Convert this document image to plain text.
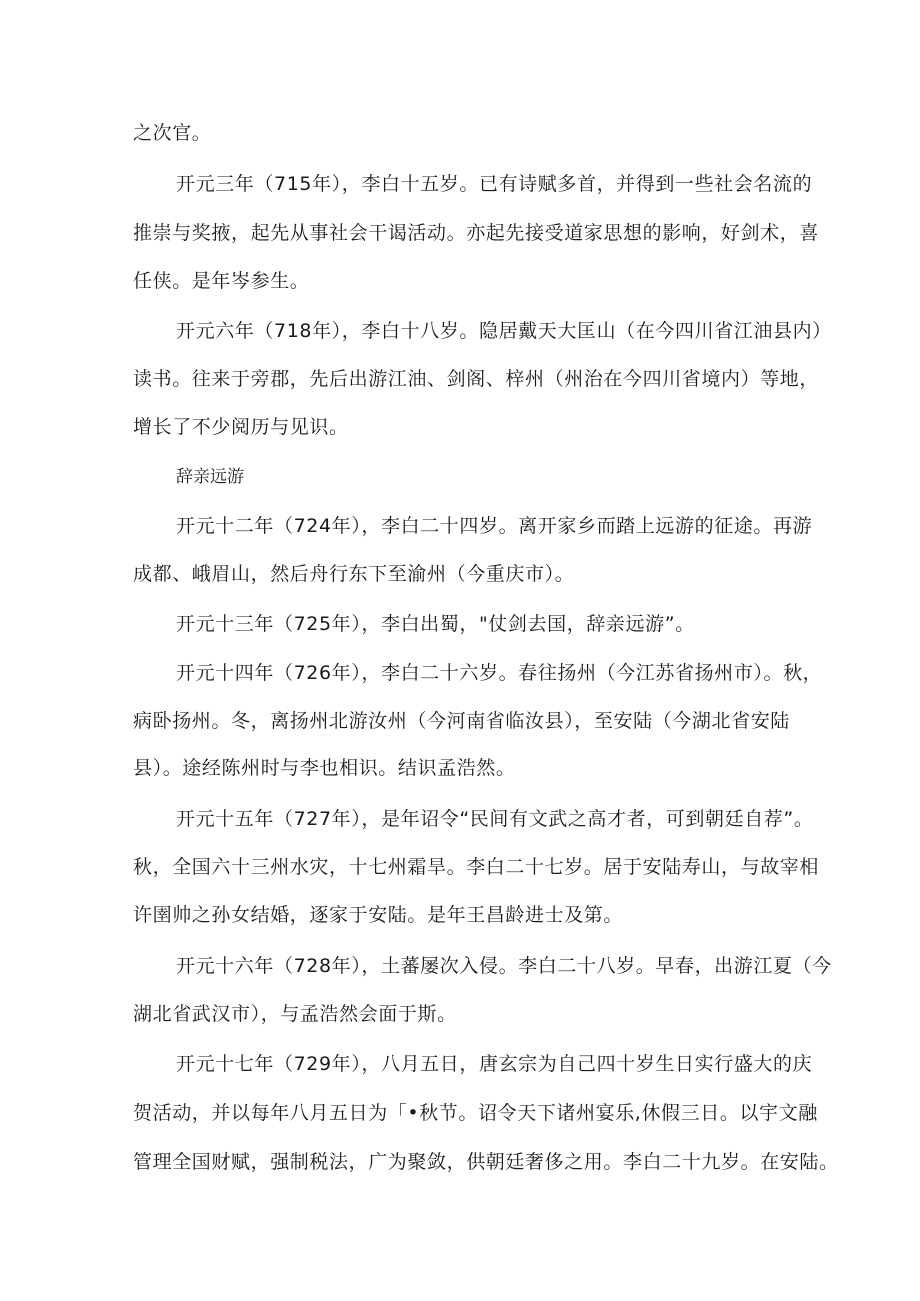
之次官。
开元三年（715年），李白十五岁。已有诗赋多首，并得到一些社会名流的
推崇与奖掖，起先从事社会干谒活动。亦起先接受道家思想的影响，好剑术，喜
任侠。是年岑参生。
开元六年（718年），李白十八岁。隐居戴天大匡山（在今四川省江油县内）
读书。往来于旁郡，先后出游江油、剑阁、梓州（州治在今四川省境内）等地，
增长了不少阅历与见识。
辞亲远游
开元十二年（724年），李白二十四岁。离开家乡而踏上远游的征途。再游
成都、峨眉山，然后舟行东下至渝州（今重庆市）。
开元十三年（725年），李白出蜀，"仗剑去国，辞亲远游”。
开元十四年（726年），李白二十六岁。春往扬州（今江苏省扬州市）。秋，
病卧扬州。冬，离扬州北游汝州（今河南省临汝县），至安陆（今湖北省安陆
县）。途经陈州时与李也相识。结识孟浩然。
开元十五年（727年），是年诏令“民间有文武之高才者，可到朝廷自荐”。
秋，全国六十三州水灾，十七州霜旱。李白二十七岁。居于安陆寿山，与故宰相
许圉帅之孙女结婚，逐家于安陆。是年王昌龄进士及第。
开元十六年（728年），土蕃屡次入侵。李白二十八岁。早春，出游江夏（今
湖北省武汉市），与孟浩然会面于斯。
开元十七年（729年），八月五日，唐玄宗为自己四十岁生日实行盛大的庆
贺活动，并以每年八月五日为「•秋节。诏令天下诸州宴乐,休假三日。以宇文融
管理全国财赋，强制税法，广为聚敛，供朝廷奢侈之用。李白二十九岁。在安陆。
